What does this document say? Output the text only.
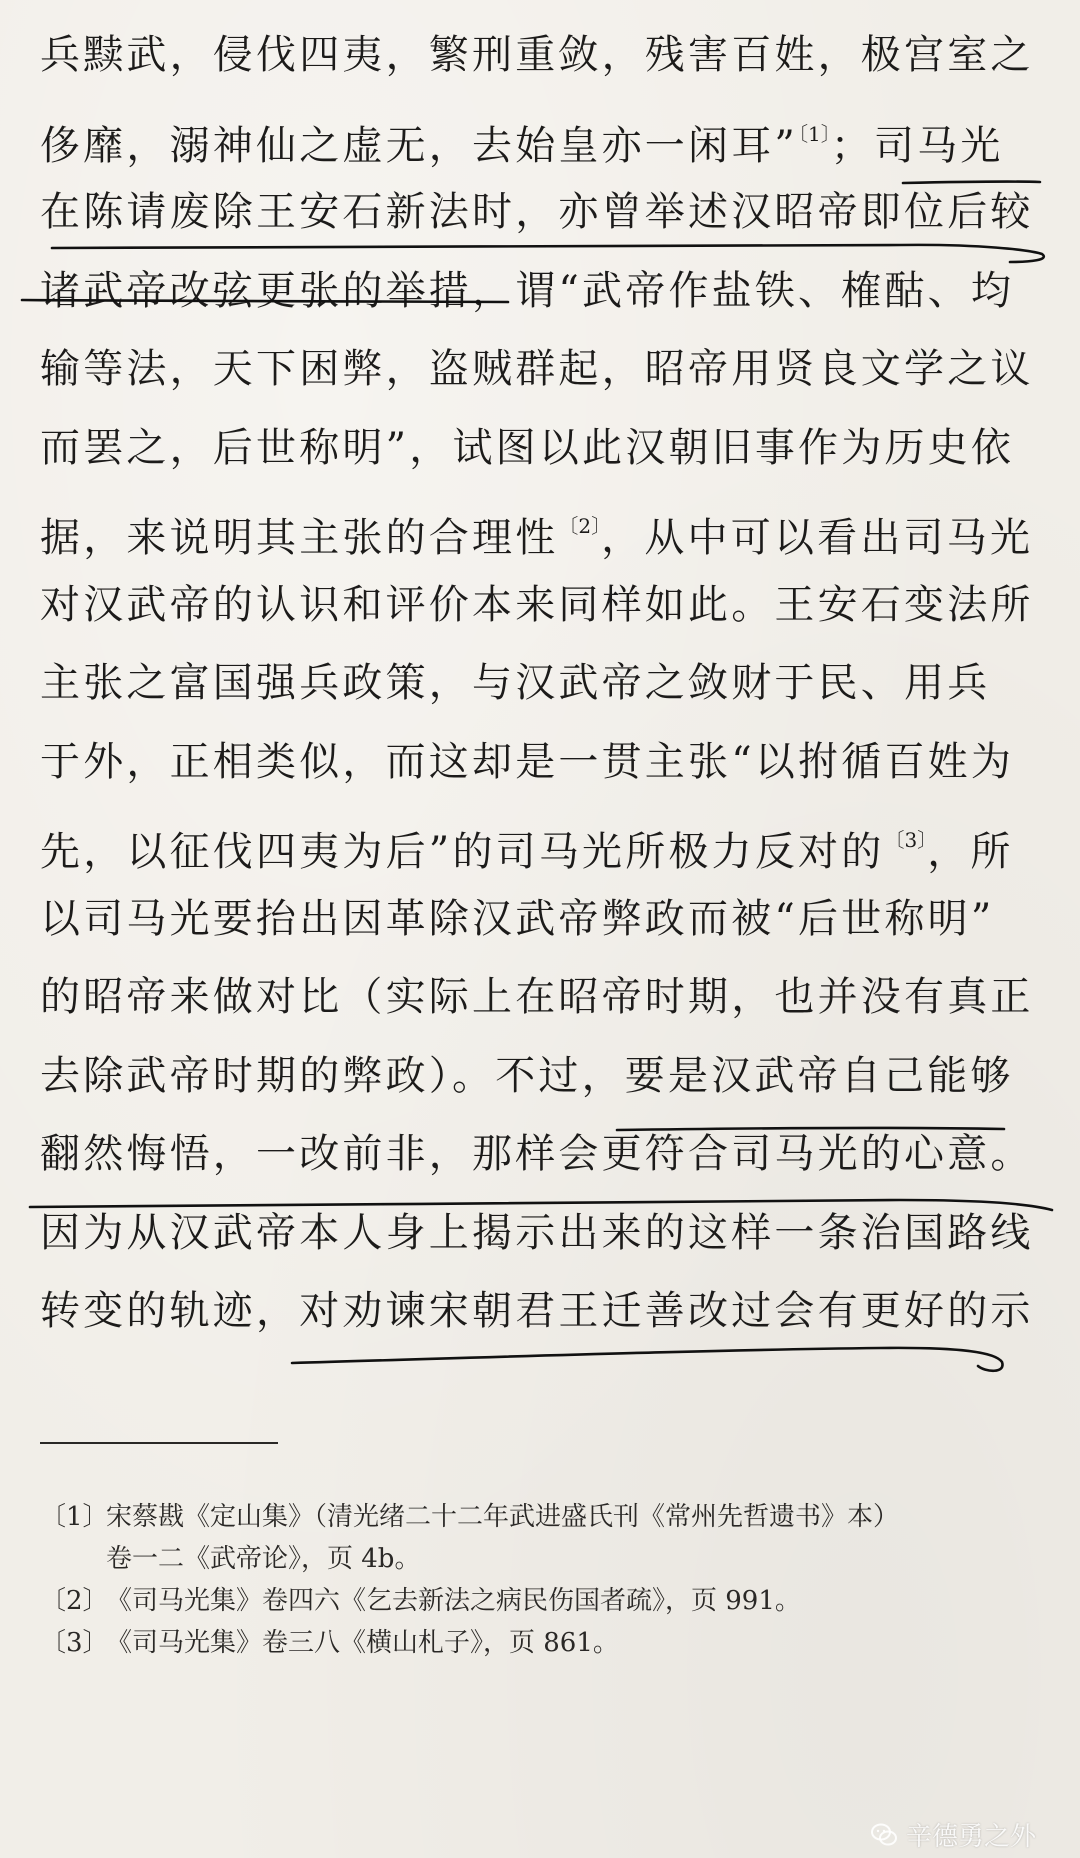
兵黩武，侵伐四夷，繁刑重敛，残害百姓，极宫室之
侈靡，溺神仙之虚无，去始皇亦一闲耳”$^{〔1〕}$；司马光
在陈请废除王安石新法时，亦曾举述汉昭帝即位后较
诸武帝改弦更张的举措，谓“武帝作盐铁、榷酤、均
输等法，天下困弊，盗贼群起，昭帝用贤良文学之议
而罢之，后世称明”，试图以此汉朝旧事作为历史依
据，来说明其主张的合理性$^{〔2〕}$，从中可以看出司马光
对汉武帝的认识和评价本来同样如此。王安石变法所
主张之富国强兵政策，与汉武帝之敛财于民、用兵
于外，正相类似，而这却是一贯主张“以拊循百姓为
先，以征伐四夷为后”的司马光所极力反对的$^{〔3〕}$，所
以司马光要抬出因革除汉武帝弊政而被“后世称明”
的昭帝来做对比（实际上在昭帝时期，也并没有真正
去除武帝时期的弊政）。不过，要是汉武帝自己能够
翻然悔悟，一改前非，那样会更符合司马光的心意。
因为从汉武帝本人身上揭示出来的这样一条治国路线
转变的轨迹，对劝谏宋朝君王迁善改过会有更好的示
〔1〕
宋蔡戡《定山集》（清光绪二十二年武进盛氏刊《常州先哲遗书》本）
卷一二《武帝论》，页 4b。
〔2〕
《司马光集》卷四六《乞去新法之病民伤国者疏》，页 991。
〔3〕
《司马光集》卷三八《横山札子》，页 861。
辛德勇之外
